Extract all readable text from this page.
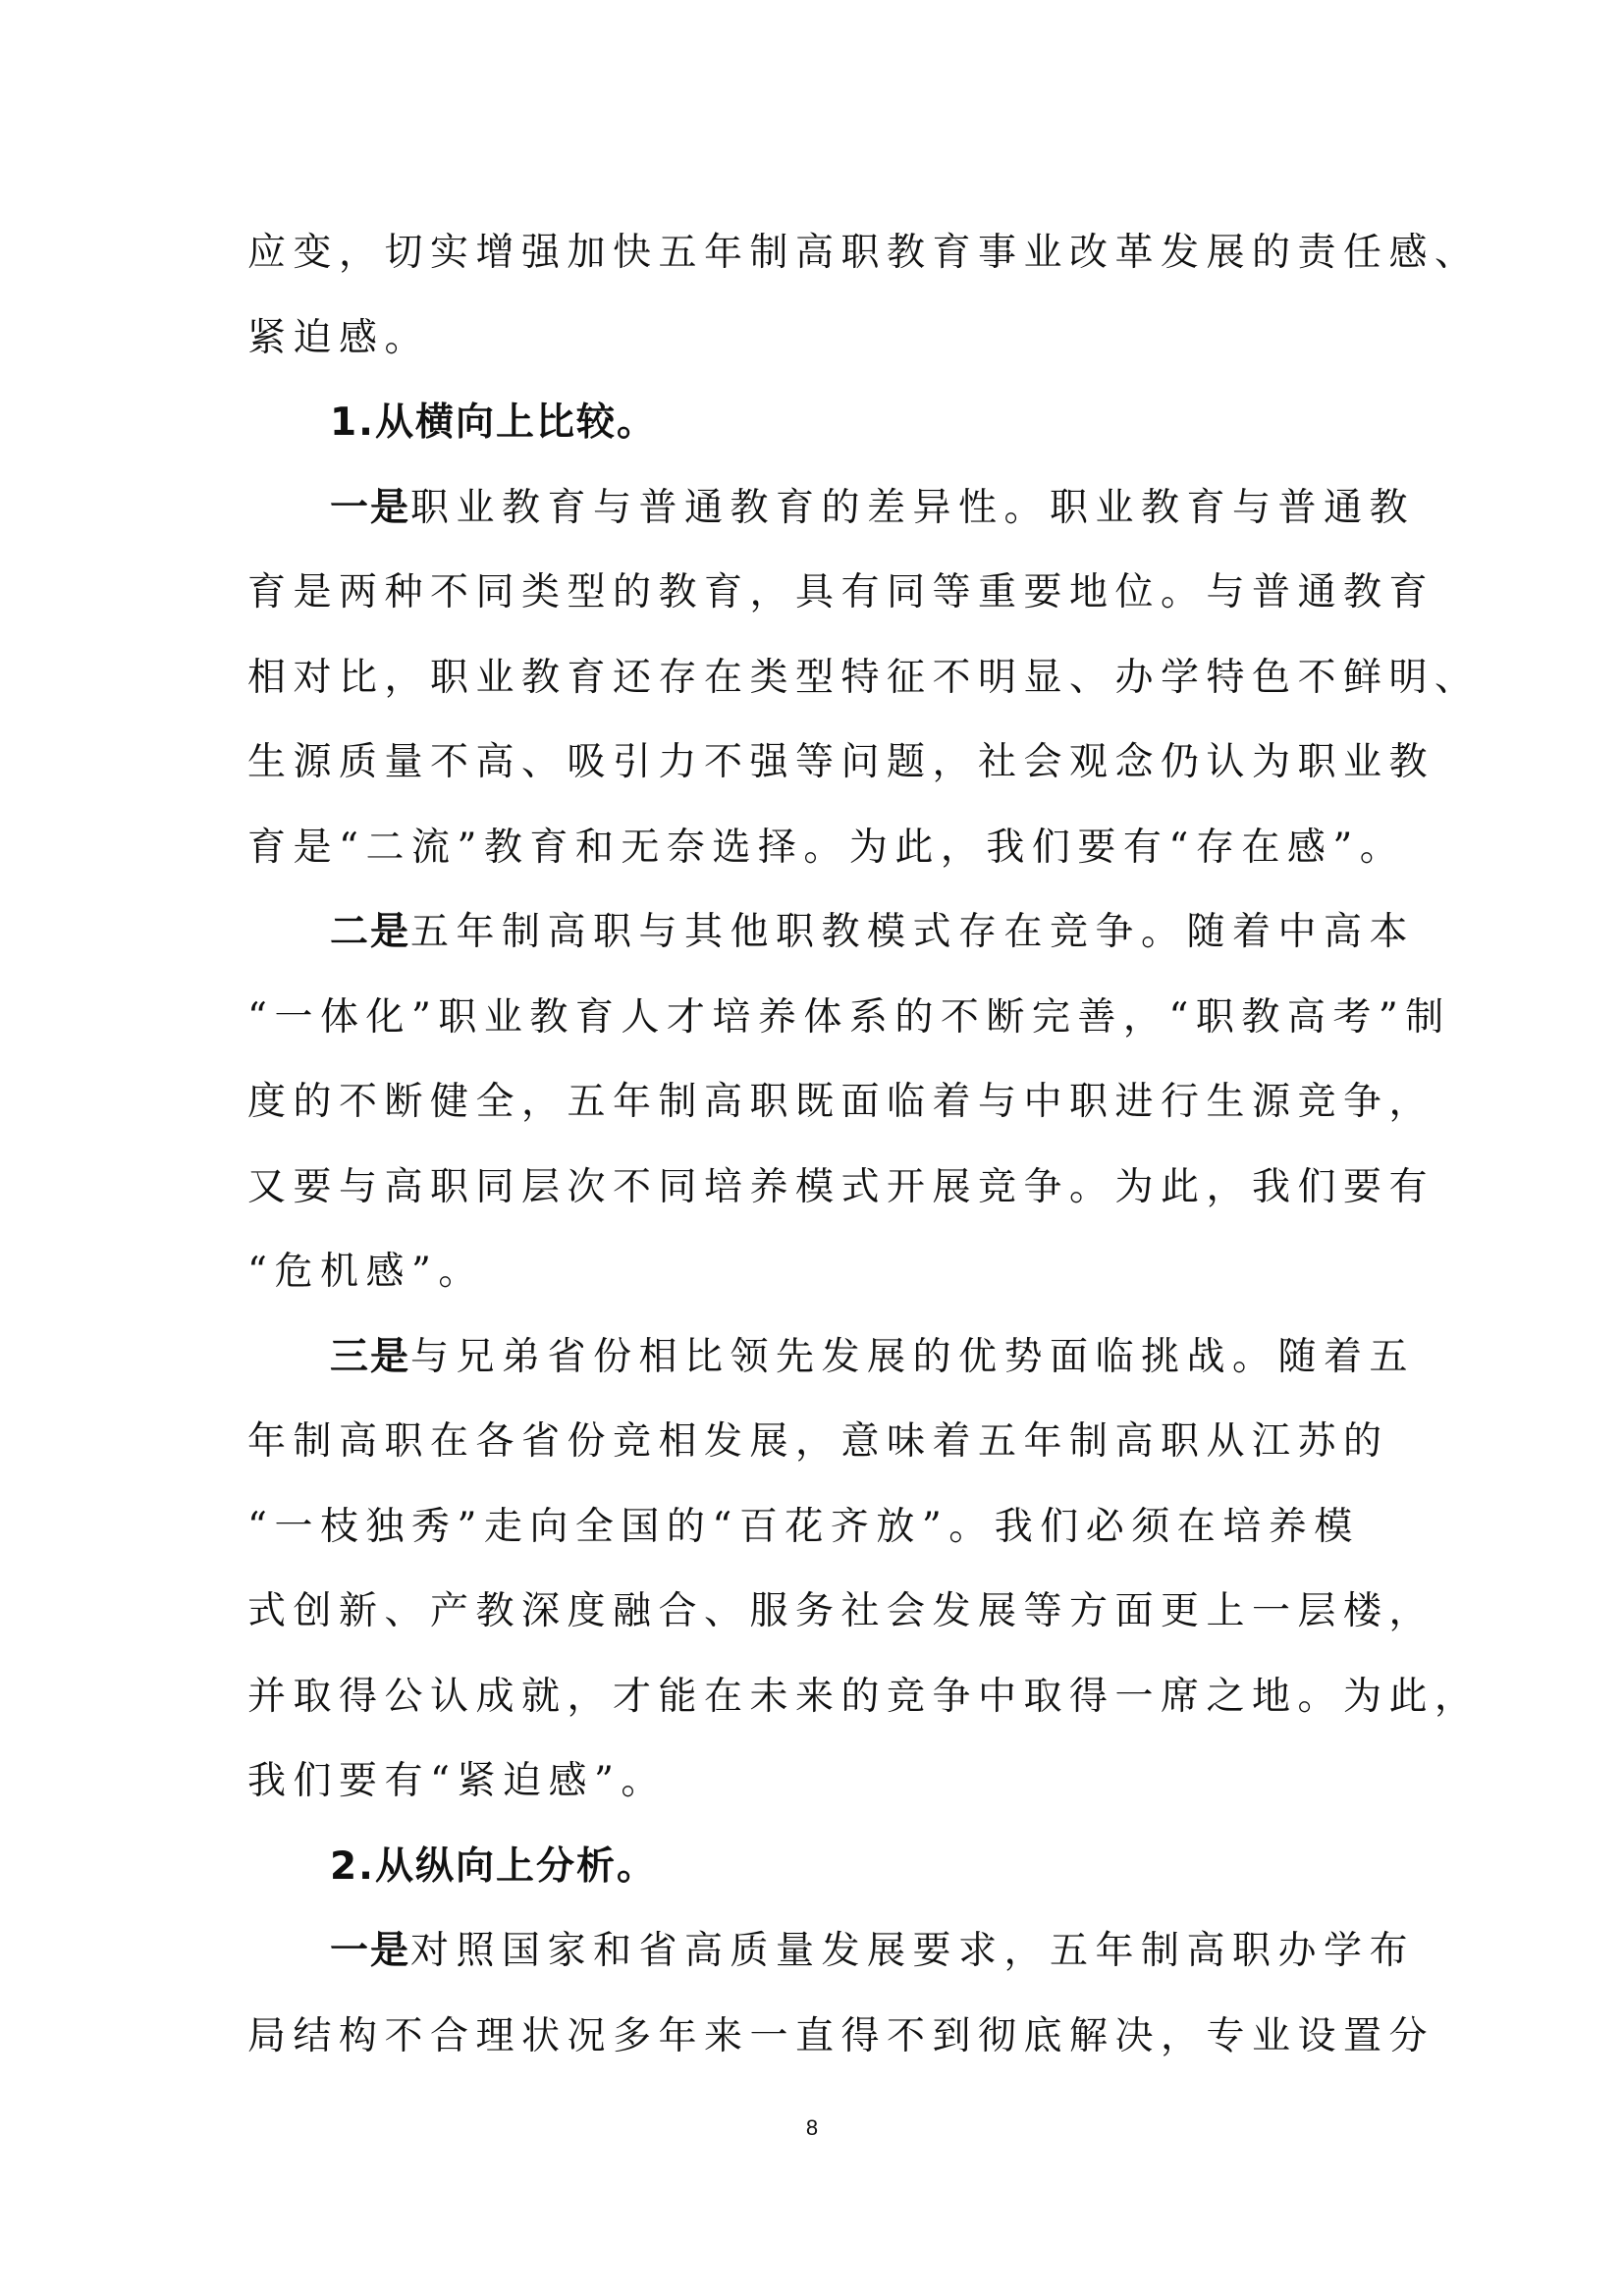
应变，切实增强加快五年制高职教育事业改革发展的责任感、
紧迫感。
1.从横向上比较。
一是职业教育与普通教育的差异性。职业教育与普通教
育是两种不同类型的教育，具有同等重要地位。与普通教育
相对比，职业教育还存在类型特征不明显、办学特色不鲜明、
生源质量不高、吸引力不强等问题，社会观念仍认为职业教
育是“二流”教育和无奈选择。为此，我们要有“存在感”。
二是五年制高职与其他职教模式存在竞争。随着中高本
“一体化”职业教育人才培养体系的不断完善，“职教高考”制
度的不断健全，五年制高职既面临着与中职进行生源竞争，
又要与高职同层次不同培养模式开展竞争。为此，我们要有
“危机感”。
三是与兄弟省份相比领先发展的优势面临挑战。随着五
年制高职在各省份竞相发展，意味着五年制高职从江苏的
“一枝独秀”走向全国的“百花齐放”。我们必须在培养模
式创新、产教深度融合、服务社会发展等方面更上一层楼，
并取得公认成就，才能在未来的竞争中取得一席之地。为此，
我们要有“紧迫感”。
2.从纵向上分析。
一是对照国家和省高质量发展要求，五年制高职办学布
局结构不合理状况多年来一直得不到彻底解决，专业设置分
8
